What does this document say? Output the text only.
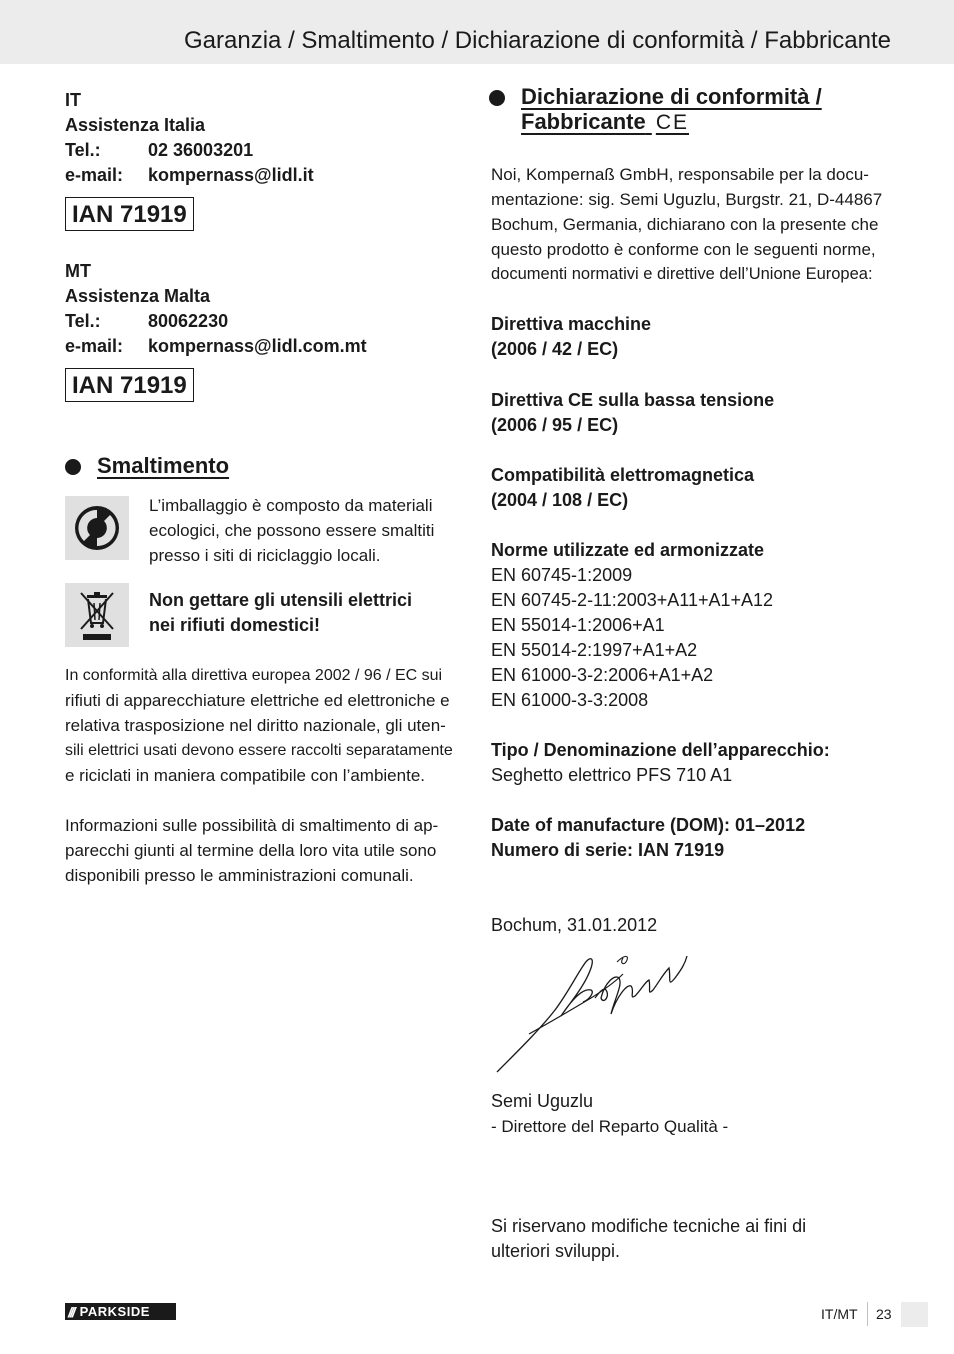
Garanzia / Smaltimento / Dichiarazione di conformità / Fabbricante
IT
Assistenza Italia
Tel.:	02 36003201
e-mail:	kompernass@lidl.it
IAN 71919
MT
Assistenza Malta
Tel.:	80062230
e-mail:	kompernass@lidl.com.mt
IAN 71919
Smaltimento
L’imballaggio è composto da materiali
ecologici, che possono essere smaltiti
presso i siti di riciclaggio locali.
Non gettare gli utensili elettrici
nei rifiuti domestici!
In conformità alla direttiva europea 2002 / 96 / EC sui
rifiuti di apparecchiature elettriche ed elettroniche e
relativa trasposizione nel diritto nazionale, gli uten-
sili elettrici usati devono essere raccolti separatamente
e riciclati in maniera compatibile con l’ambiente.
Informazioni sulle possibilità di smaltimento di ap-
parecchi giunti al termine della loro vita utile sono
disponibili presso le amministrazioni comunali.
Dichiarazione di conformità /
Fabbricante CE
Noi, Kompernaß GmbH, responsabile per la docu-
mentazione: sig. Semi Uguzlu, Burgstr. 21, D-44867
Bochum, Germania, dichiarano con la presente che
questo prodotto è conforme con le seguenti norme,
documenti normativi e direttive dell’Unione Europea:
Direttiva macchine
(2006 / 42 / EC)
Direttiva CE sulla bassa tensione
(2006 / 95 / EC)
Compatibilità elettromagnetica
(2004 / 108 / EC)
Norme utilizzate ed armonizzate
EN 60745-1:2009
EN 60745-2-11:2003+A11+A1+A12
EN 55014-1:2006+A1
EN 55014-2:1997+A1+A2
EN 61000-3-2:2006+A1+A2
EN 61000-3-3:2008
Tipo / Denominazione dell’apparecchio:
Seghetto elettrico PFS 710 A1
Date of manufacture (DOM): 01–2012
Numero di serie: IAN 71919
Bochum, 31.01.2012
Semi Uguzlu
- Direttore del Reparto Qualità -
Si riservano modifiche tecniche ai fini di
ulteriori sviluppi.
/// PARKSIDE	IT/MT 23
